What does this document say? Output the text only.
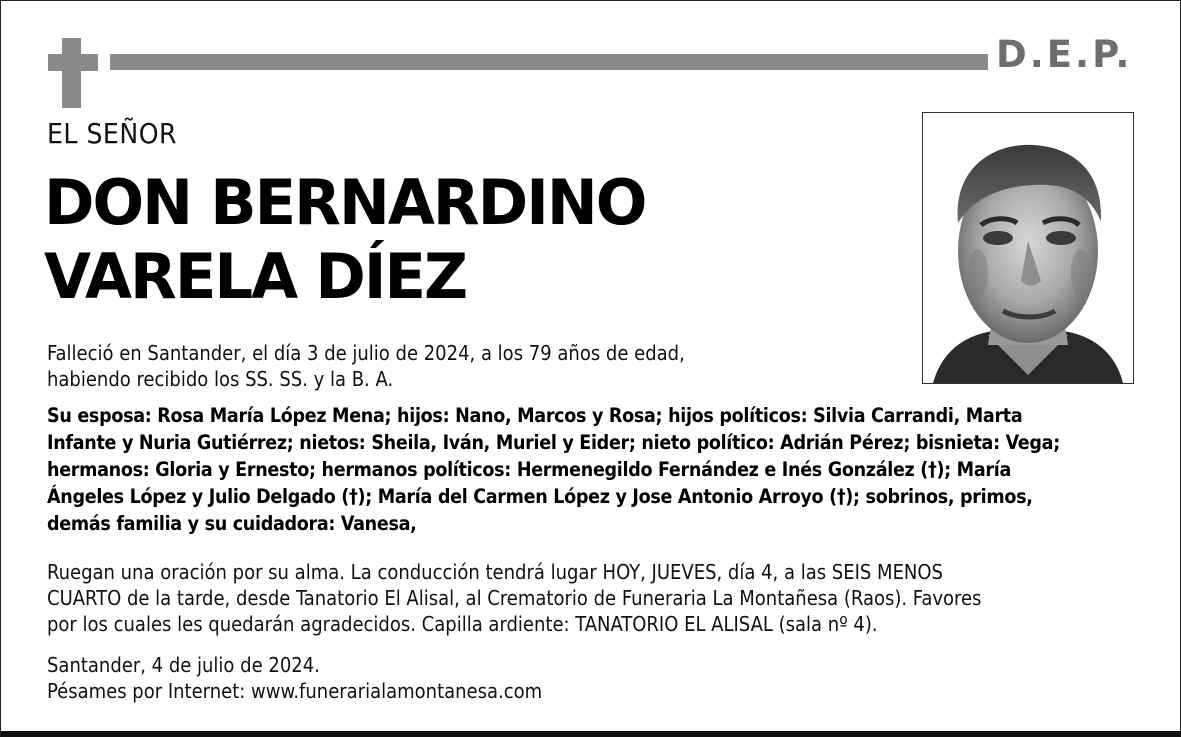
D.E.P.
EL SEÑOR
DON BERNARDINO
VARELA DÍEZ
Falleció en Santander, el día 3 de julio de 2024, a los 79 años de edad,
habiendo recibido los SS. SS. y la B. A.
Su esposa: Rosa María López Mena; hijos: Nano, Marcos y Rosa; hijos políticos: Silvia Carrandi, Marta
Infante y Nuria Gutiérrez; nietos: Sheila, Iván, Muriel y Eider; nieto político: Adrián Pérez; bisnieta: Vega;
hermanos: Gloria y Ernesto; hermanos políticos: Hermenegildo Fernández e Inés González (†); María
Ángeles López y Julio Delgado (†); María del Carmen López y Jose Antonio Arroyo (†); sobrinos, primos,
demás familia y su cuidadora: Vanesa,
Ruegan una oración por su alma. La conducción tendrá lugar HOY, JUEVES, día 4, a las SEIS MENOS
CUARTO de la tarde, desde Tanatorio El Alisal, al Crematorio de Funeraria La Montañesa (Raos). Favores
por los cuales les quedarán agradecidos. Capilla ardiente: TANATORIO EL ALISAL (sala nº 4).
Santander, 4 de julio de 2024.
Pésames por Internet: www.funerarialamontanesa.com
